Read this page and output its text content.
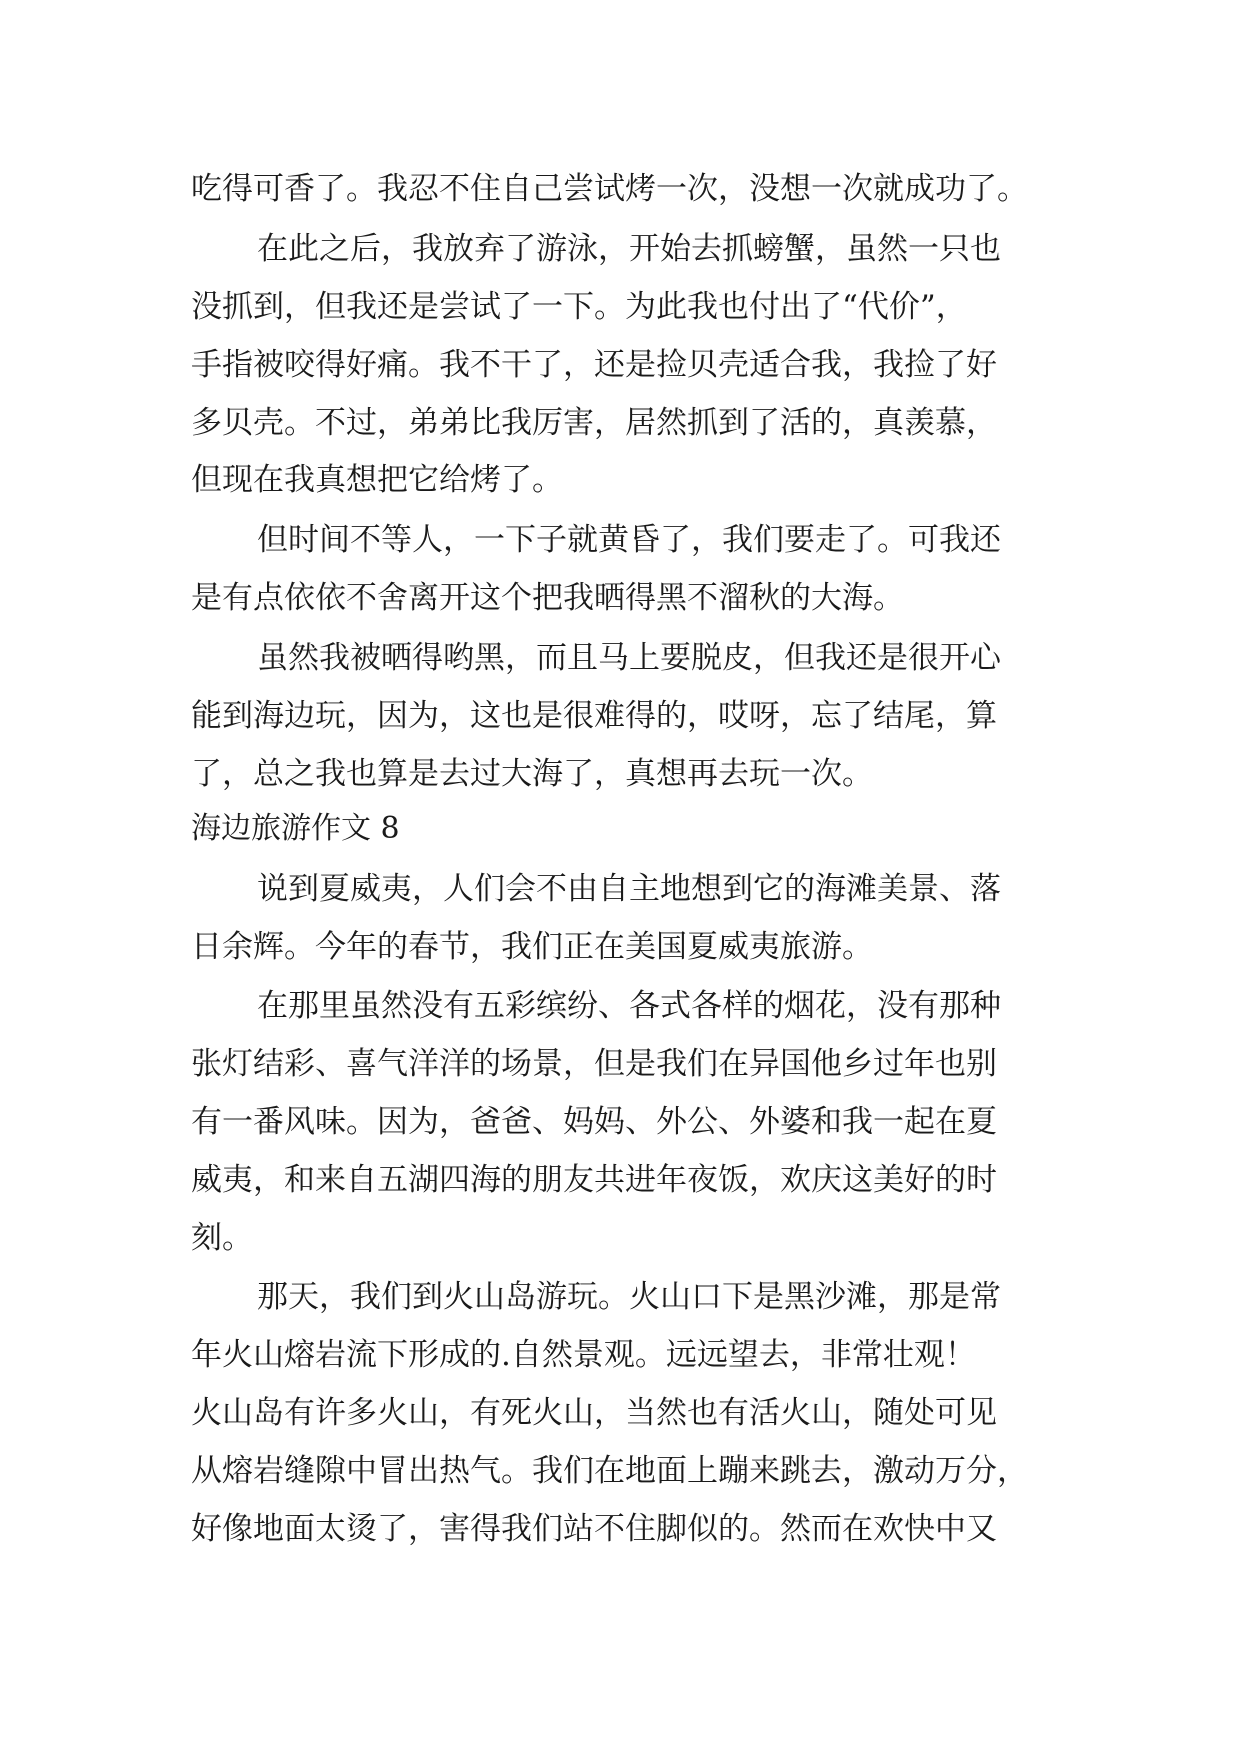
吃得可香了。我忍不住自己尝试烤一次，没想一次就成功了。
在此之后，我放弃了游泳，开始去抓螃蟹，虽然一只也
没抓到，但我还是尝试了一下。为此我也付出了“代价”，
手指被咬得好痛。我不干了，还是捡贝壳适合我，我捡了好
多贝壳。不过，弟弟比我厉害，居然抓到了活的，真羡慕，
但现在我真想把它给烤了。
但时间不等人，一下子就黄昏了，我们要走了。可我还
是有点依依不舍离开这个把我晒得黑不溜秋的大海。
虽然我被晒得哟黑，而且马上要脱皮，但我还是很开心
能到海边玩，因为，这也是很难得的，哎呀，忘了结尾，算
了，总之我也算是去过大海了，真想再去玩一次。
海边旅游作文 8
说到夏威夷，人们会不由自主地想到它的海滩美景、落
日余辉。今年的春节，我们正在美国夏威夷旅游。
在那里虽然没有五彩缤纷、各式各样的烟花，没有那种
张灯结彩、喜气洋洋的场景，但是我们在异国他乡过年也别
有一番风味。因为，爸爸、妈妈、外公、外婆和我一起在夏
威夷，和来自五湖四海的朋友共进年夜饭，欢庆这美好的时
刻。
那天，我们到火山岛游玩。火山口下是黑沙滩，那是常
年火山熔岩流下形成的.自然景观。远远望去，非常壮观！
火山岛有许多火山，有死火山，当然也有活火山，随处可见
从熔岩缝隙中冒出热气。我们在地面上蹦来跳去，激动万分，
好像地面太烫了，害得我们站不住脚似的。然而在欢快中又
